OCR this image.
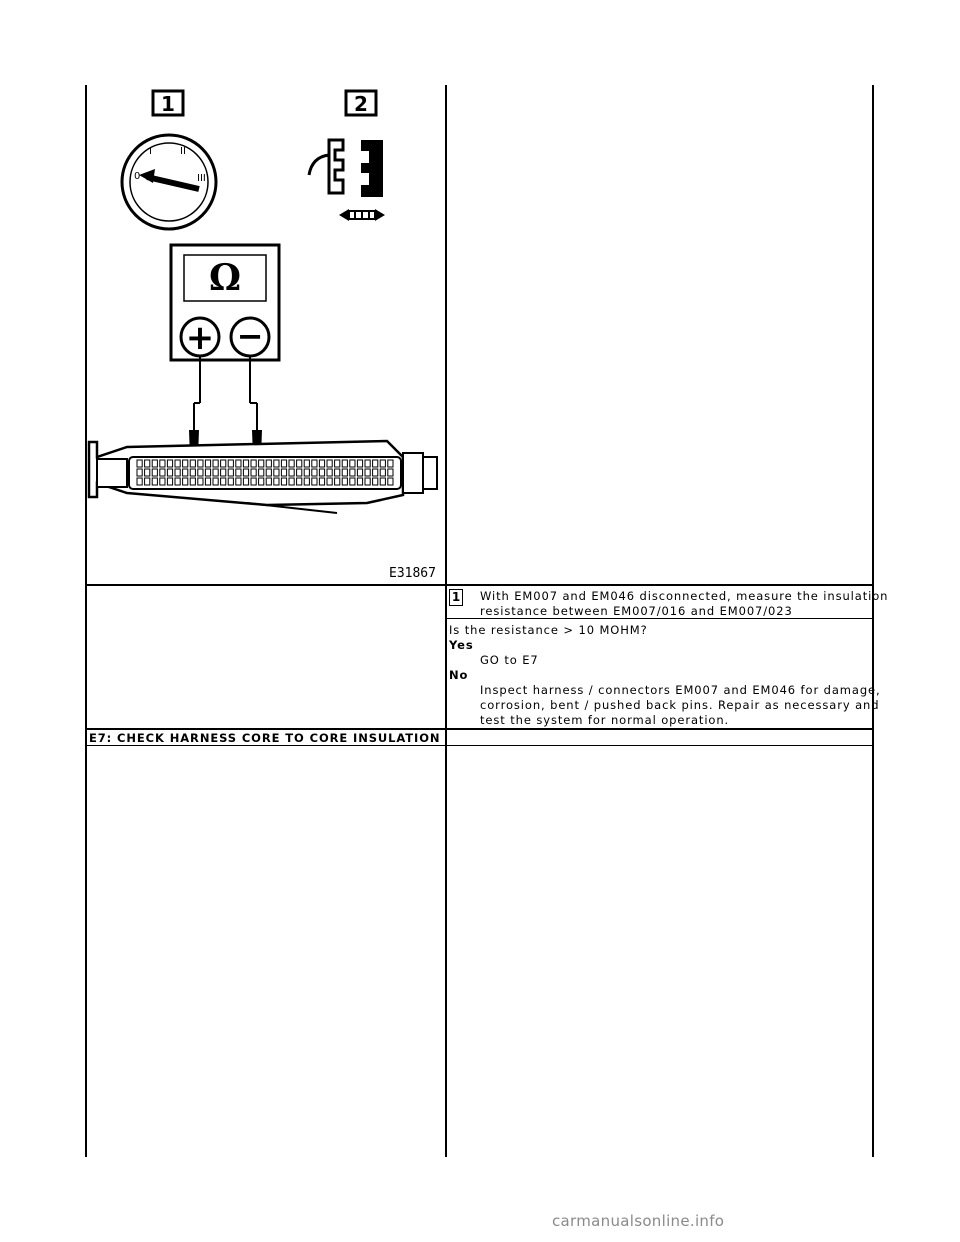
1	2
0
I	II
III
Ω
+ −
E31867
1 With EM007 and EM046 disconnected, measure the insulation
resistance between EM007/016 and EM007/023
Is the resistance > 10 MOHM?
Yes
GO to E7
No
Inspect harness / connectors EM007 and EM046 for damage,
corrosion, bent / pushed back pins. Repair as necessary and
test the system for normal operation.
E7: CHECK HARNESS CORE TO CORE INSULATION
carmanualsonline.info
